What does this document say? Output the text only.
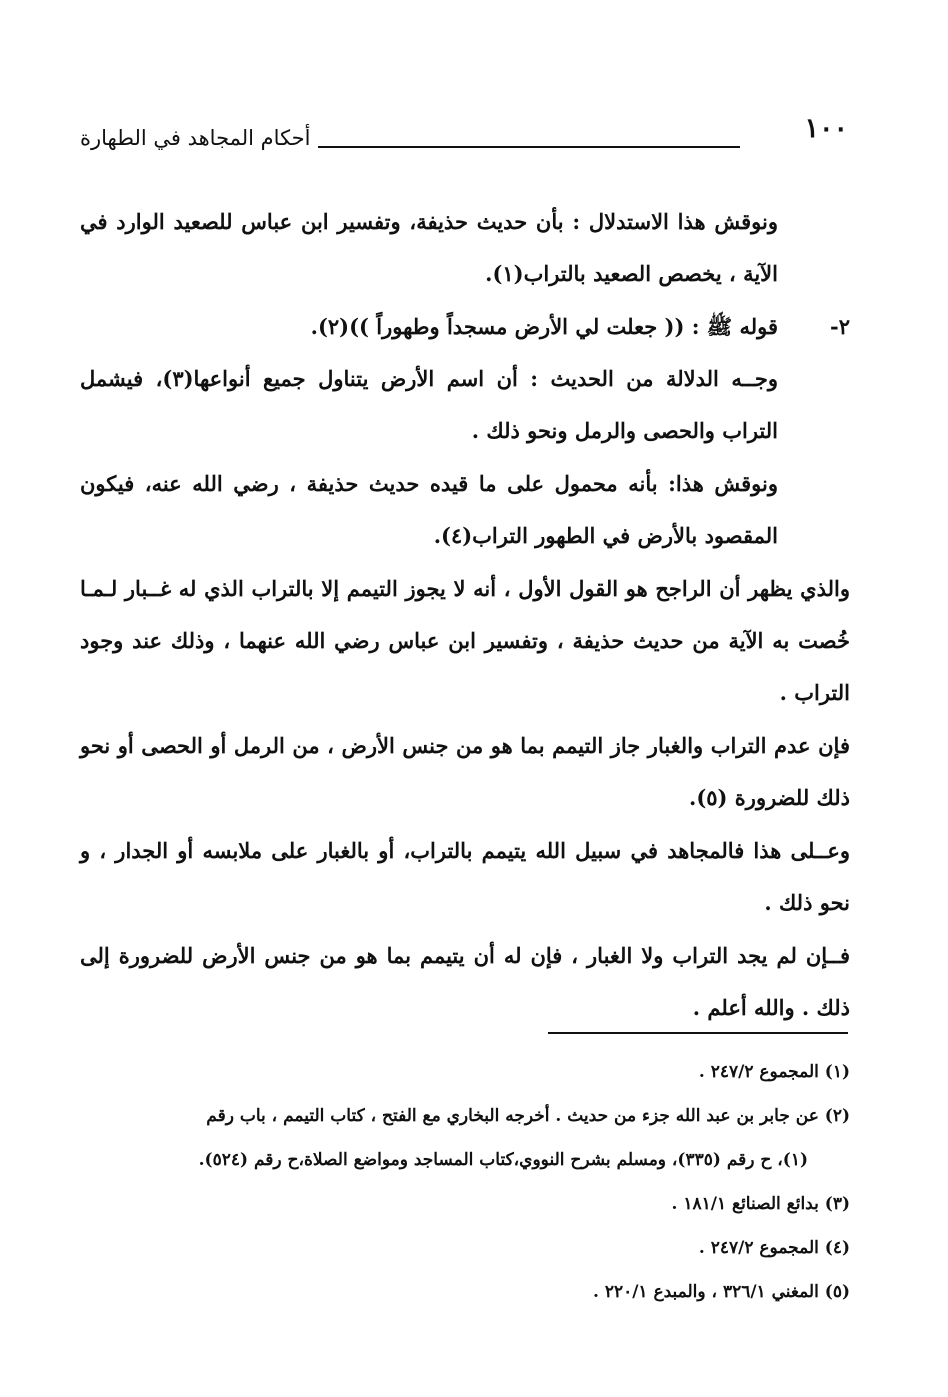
١٠٠
أحكام المجاهد في الطهارة

ونوقش هذا الاستدلال : بأن حديث حذيفة، وتفسير ابن عباس للصعيد الوارد في الآية ، يخصص الصعيد بالتراب(١).

٢-
قوله ﷺ : (( جعلت لي الأرض مسجداً وطهوراً ))(٢).

وجــه الدلالة من الحديث : أن اسم الأرض يتناول جميع أنواعها(٣)، فيشمل التراب والحصى والرمل ونحو ذلك .

ونوقش هذا: بأنه محمول على ما قيده حديث حذيفة ، رضي الله عنه، فيكون المقصود بالأرض في الطهور التراب(٤).

والذي يظهر أن الراجح هو القول الأول ، أنه لا يجوز التيمم إلا بالتراب الذي له غــبار لـمـا خُصت به الآية من حديث حذيفة ، وتفسير ابن عباس رضي الله عنهما ، وذلك عند وجود التراب .

فإن عدم التراب والغبار جاز التيمم بما هو من جنس الأرض ، من الرمل أو الحصى أو نحو ذلك للضرورة (٥).

وعــلى هذا فالمجاهد في سبيل الله يتيمم بالتراب، أو بالغبار على ملابسه أو الجدار ، و نحو ذلك .

فــإن لم يجد التراب ولا الغبار ، فإن له أن يتيمم بما هو من جنس الأرض للضرورة إلى ذلك . والله أعلم .

(١) المجموع ٢٤٧/٢ .
(٢) عن جابر بن عبد الله جزء من حديث . أخرجه البخاري مع الفتح ، كتاب التيمم ، باب رقم
(١)، ح رقم (٣٣٥)، ومسلم بشرح النووي،كتاب المساجد ومواضع الصلاة،ح رقم (٥٢٤).
(٣) بدائع الصنائع ١٨١/١ .
(٤) المجموع ٢٤٧/٢ .
(٥) المغني ٣٢٦/١ ، والمبدع ٢٢٠/١ .
